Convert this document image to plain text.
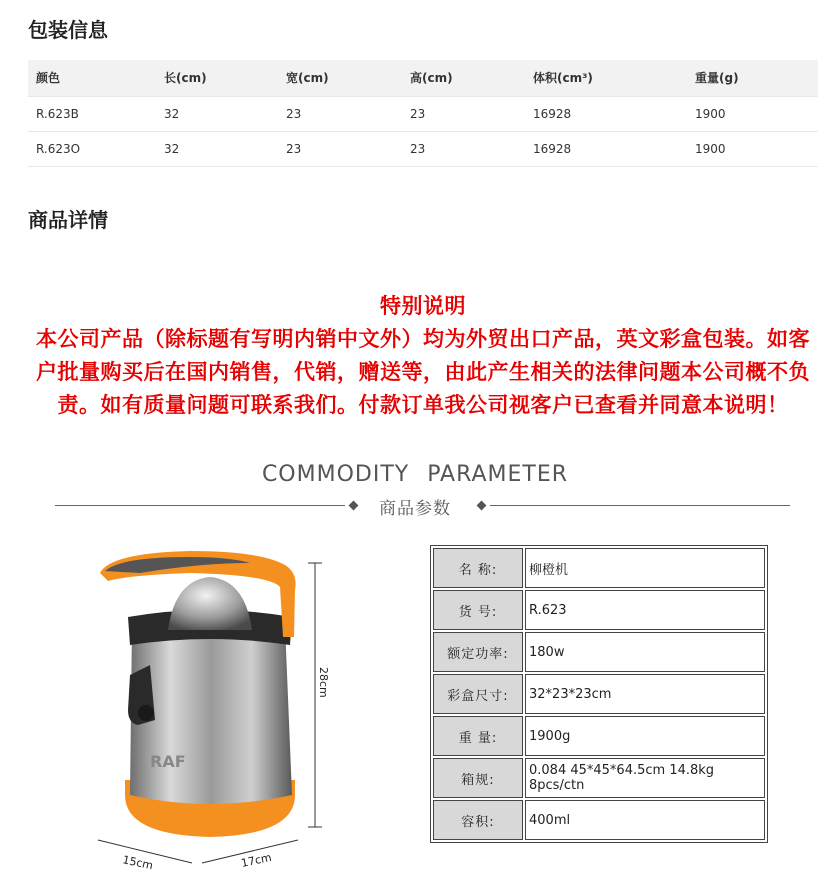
包装信息
颜色	长(cm)	宽(cm)	高(cm)	体积(cm³)	重量(g)
R.623B	32	23	23	16928	1900
R.623O	32	23	23	16928	1900
商品详情
特别说明
本公司产品（除标题有写明内销中文外）均为外贸出口产品，英文彩盒包装。如客户批量购买后在国内销售，代销，赠送等，由此产生相关的法律问题本公司概不负责。如有质量问题可联系我们。付款订单我公司视客户已查看并同意本说明！
COMMODITY PARAMETER
商品参数
RAF
28cm
15cm	17cm
名 称:	柳橙机
货 号:	R.623
额定功率:	180w
彩盒尺寸:	32*23*23cm
重 量:	1900g
箱规:	0.084 45*45*64.5cm 14.8kg 8pcs/ctn
容积:	400ml
